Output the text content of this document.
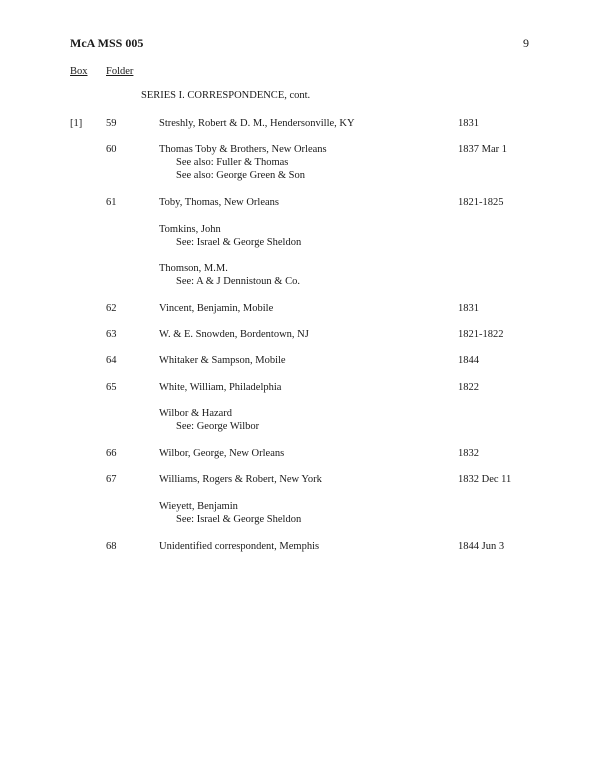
McA MSS 005	9
Box Folder
SERIES I. CORRESPONDENCE, cont.
[1] 59	Streshly, Robert & D. M., Hendersonville, KY	1831
60	Thomas Toby & Brothers, New Orleans	1837 Mar 1
See also: Fuller & Thomas
See also: George Green & Son
61	Toby, Thomas, New Orleans	1821-1825
Tomkins, John
See: Israel & George Sheldon
Thomson, M.M.
See: A & J Dennistoun & Co.
62	Vincent, Benjamin, Mobile	1831
63	W. & E. Snowden, Bordentown, NJ	1821-1822
64	Whitaker & Sampson, Mobile	1844
65	White, William, Philadelphia	1822
Wilbor & Hazard
See: George Wilbor
66	Wilbor, George, New Orleans	1832
67	Williams, Rogers & Robert, New York	1832 Dec 11
Wieyett, Benjamin
See: Israel & George Sheldon
68	Unidentified correspondent, Memphis	1844 Jun 3
